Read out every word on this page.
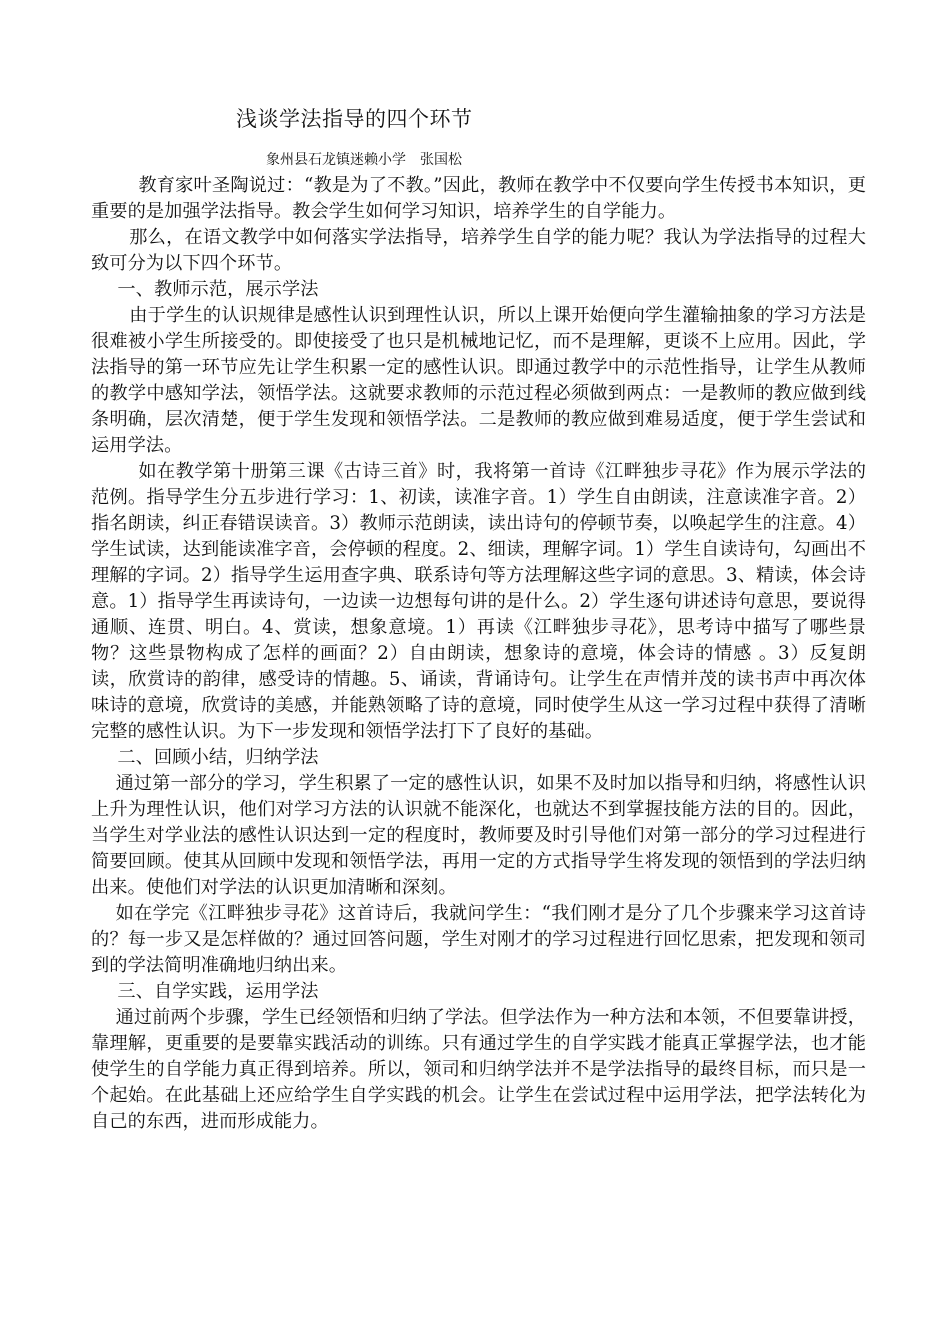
浅谈学法指导的四个环节
象州县石龙镇迷赖小学　张国松

教育家叶圣陶说过：“教是为了不教。”因此，教师在教学中不仅要向学生传授书本知识，更重要的是加强学法指导。教会学生如何学习知识，培养学生的自学能力。

那么，在语文教学中如何落实学法指导，培养学生自学的能力呢？我认为学法指导的过程大致可分为以下四个环节。

一、教师示范，展示学法

由于学生的认识规律是感性认识到理性认识，所以上课开始便向学生灌输抽象的学习方法是很难被小学生所接受的。即使接受了也只是机械地记忆，而不是理解，更谈不上应用。因此，学法指导的第一环节应先让学生积累一定的感性认识。即通过教学中的示范性指导，让学生从教师的教学中感知学法，领悟学法。这就要求教师的示范过程必须做到两点：一是教师的教应做到线条明确，层次清楚，便于学生发现和领悟学法。二是教师的教应做到难易适度，便于学生尝试和运用学法。

如在教学第十册第三课《古诗三首》时，我将第一首诗《江畔独步寻花》作为展示学法的范例。指导学生分五步进行学习：1、初读，读准字音。1）学生自由朗读，注意读准字音。2）指名朗读，纠正春错误读音。3）教师示范朗读，读出诗句的停顿节奏，以唤起学生的注意。4）学生试读，达到能读准字音，会停顿的程度。2、细读，理解字词。1）学生自读诗句，勾画出不理解的字词。2）指导学生运用查字典、联系诗句等方法理解这些字词的意思。3、精读，体会诗意。1）指导学生再读诗句，一边读一边想每句讲的是什么。2）学生逐句讲述诗句意思，要说得通顺、连贯、明白。4、赏读，想象意境。1）再读《江畔独步寻花》，思考诗中描写了哪些景物？这些景物构成了怎样的画面？2）自由朗读，想象诗的意境，体会诗的情感 。3）反复朗读，欣赏诗的韵律，感受诗的情趣。5、诵读，背诵诗句。让学生在声情并茂的读书声中再次体味诗的意境，欣赏诗的美感，并能熟领略了诗的意境，同时使学生从这一学习过程中获得了清晰完整的感性认识。为下一步发现和领悟学法打下了良好的基础。

二、回顾小结，归纳学法

通过第一部分的学习，学生积累了一定的感性认识，如果不及时加以指导和归纳，将感性认识上升为理性认识，他们对学习方法的认识就不能深化，也就达不到掌握技能方法的目的。因此，当学生对学业法的感性认识达到一定的程度时，教师要及时引导他们对第一部分的学习过程进行简要回顾。使其从回顾中发现和领悟学法，再用一定的方式指导学生将发现的领悟到的学法归纳出来。使他们对学法的认识更加清晰和深刻。

如在学完《江畔独步寻花》这首诗后，我就问学生：“我们刚才是分了几个步骤来学习这首诗的？每一步又是怎样做的？通过回答问题，学生对刚才的学习过程进行回忆思索，把发现和领司到的学法简明准确地归纳出来。

三、自学实践，运用学法

通过前两个步骤，学生已经领悟和归纳了学法。但学法作为一种方法和本领，不但要靠讲授，靠理解，更重要的是要靠实践活动的训练。只有通过学生的自学实践才能真正掌握学法，也才能使学生的自学能力真正得到培养。所以，领司和归纳学法并不是学法指导的最终目标，而只是一个起始。在此基础上还应给学生自学实践的机会。让学生在尝试过程中运用学法，把学法转化为自己的东西，进而形成能力。
